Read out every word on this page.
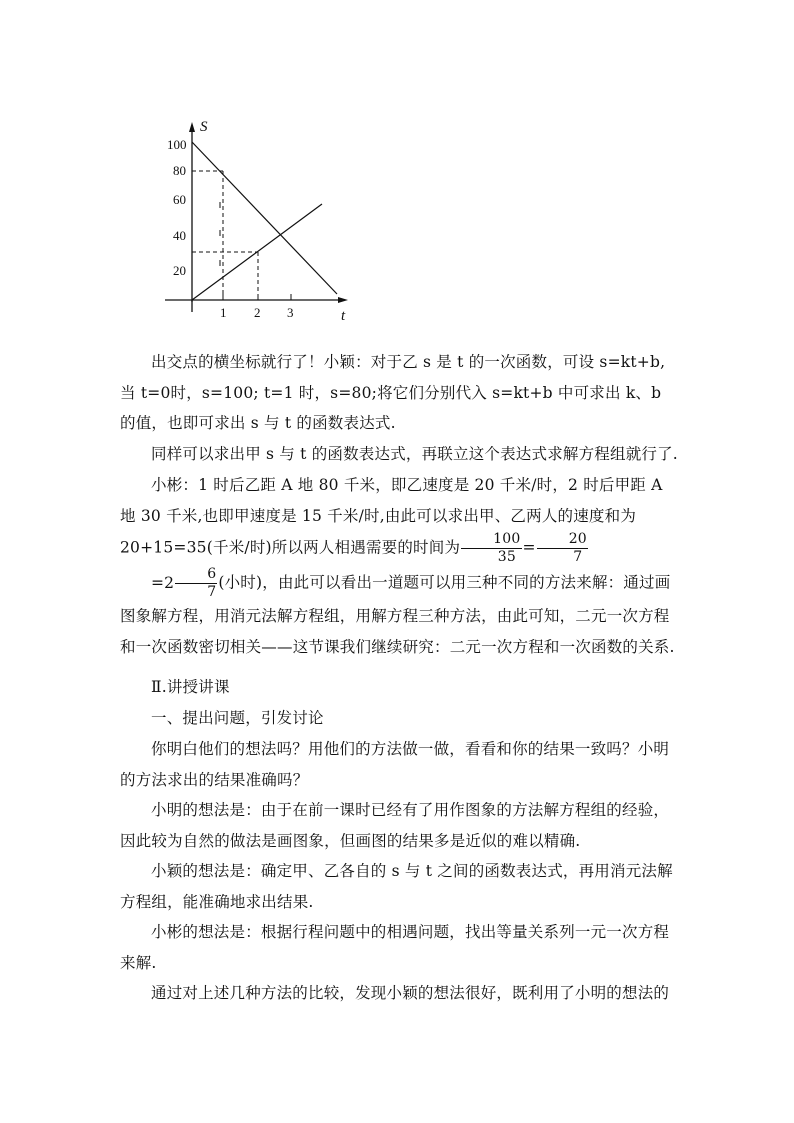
S
t
100
80
60
40
20
1 2 3

出交点的横坐标就行了！小颖：对于乙 s 是 t 的一次函数，可设 s=kt+b,当 t=0时，s=100; t=1 时，s=80;将它们分别代入 s=kt+b 中可求出 k、b 的值，也即可求出 s 与 t 的函数表达式.

同样可以求出甲 s 与 t 的函数表达式，再联立这个表达式求解方程组就行了.

小彬：1 时后乙距 A 地 80 千米，即乙速度是 20 千米/时，2 时后甲距 A 地 30 千米,也即甲速度是 15 千米/时,由此可以求出甲、乙两人的速度和为 20+15=35(千米/时)所以两人相遇需要的时间为 $\frac{100}{35} = \frac{20}{7}$
$=2 \frac{6}{7}$ (小时)，由此可以看出一道题可以用三种不同的方法来解：通过画图象解方程，用消元法解方程组，用解方程三种方法，由此可知，二元一次方程和一次函数密切相关——这节课我们继续研究：二元一次方程和一次函数的关系.

Ⅱ.讲授讲课

一、提出问题，引发讨论

你明白他们的想法吗？用他们的方法做一做，看看和你的结果一致吗？小明的方法求出的结果准确吗？

小明的想法是：由于在前一课时已经有了用作图象的方法解方程组的经验，因此较为自然的做法是画图象，但画图的结果多是近似的难以精确.

小颖的想法是：确定甲、乙各自的 s 与 t 之间的函数表达式，再用消元法解方程组，能准确地求出结果.

小彬的想法是：根据行程问题中的相遇问题，找出等量关系列一元一次方程来解.

通过对上述几种方法的比较，发现小颖的想法很好，既利用了小明的想法的
